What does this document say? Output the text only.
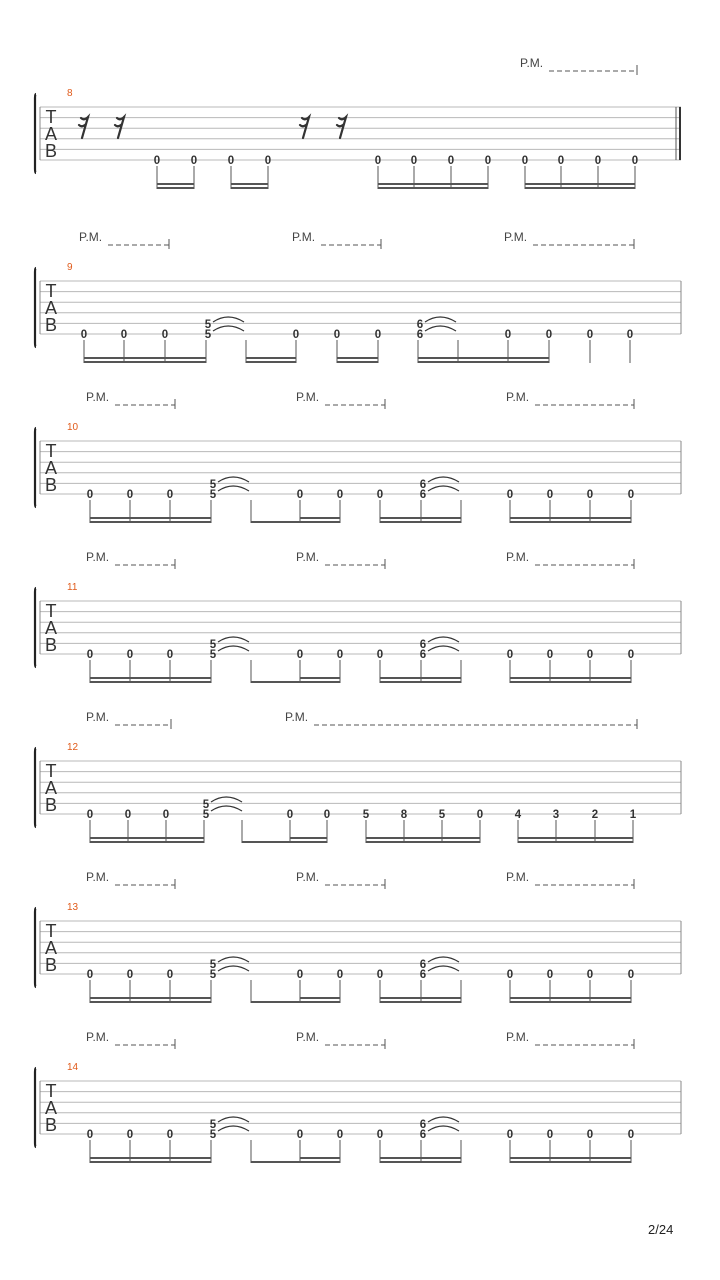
T
A
B
8
P.M.
0	0	0	0	0	0	0	0	0	0	0	0
T
A
B
9
P.M.	P.M.	P.M.
0	0	0
5
5	0	0	0
6
6	0	0	0	0
T
A
B
10
P.M.	P.M.	P.M.
0	0	0
5
5	0	0	0
6
6	0	0	0	0
T
A
B
11
P.M.	P.M.	P.M.
0	0	0
5
5	0	0	0
6
6	0	0	0	0
T
A
B
12
P.M.	P.M.
0	0	0
5
5	0	0	5	8	5	0	4	3	2	1
T
A
B
13
P.M.	P.M.	P.M.
0	0	0
5
5	0	0	0
6
6	0	0	0	0
T
A
B
14
P.M.	P.M.	P.M.
0	0	0
5
5	0	0	0
6
6	0	0	0	0
2/24
